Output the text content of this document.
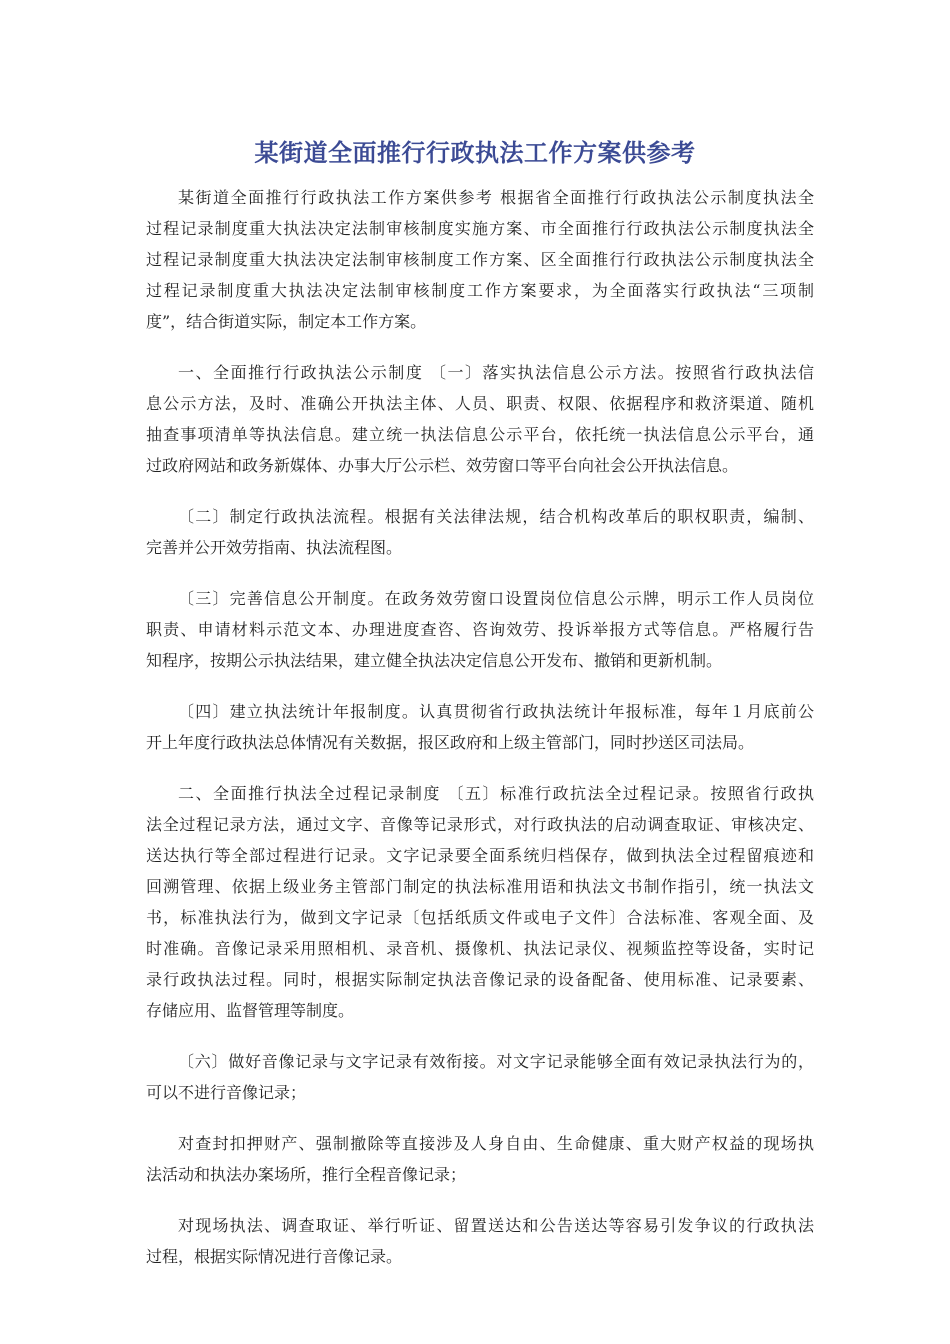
某街道全面推行行政执法工作方案供参考
某街道全面推行行政执法工作方案供参考 根据省全面推行行政执法公示制度执法全
过程记录制度重大执法决定法制审核制度实施方案、市全面推行行政执法公示制度执法全
过程记录制度重大执法决定法制审核制度工作方案、区全面推行行政执法公示制度执法全
过程记录制度重大执法决定法制审核制度工作方案要求，为全面落实行政执法“三项制
度”，结合街道实际，制定本工作方案。
一、全面推行行政执法公示制度 〔一〕落实执法信息公示方法。按照省行政执法信
息公示方法，及时、准确公开执法主体、人员、职责、权限、依据程序和救济渠道、随机
抽查事项清单等执法信息。建立统一执法信息公示平台，依托统一执法信息公示平台，通
过政府网站和政务新媒体、办事大厅公示栏、效劳窗口等平台向社会公开执法信息。
〔二〕制定行政执法流程。根据有关法律法规，结合机构改革后的职权职责，编制、
完善并公开效劳指南、执法流程图。
〔三〕完善信息公开制度。在政务效劳窗口设置岗位信息公示牌，明示工作人员岗位
职责、申请材料示范文本、办理进度查咨、咨询效劳、投诉举报方式等信息。严格履行告
知程序，按期公示执法结果，建立健全执法决定信息公开发布、撤销和更新机制。
〔四〕建立执法统计年报制度。认真贯彻省行政执法统计年报标准，每年１月底前公
开上年度行政执法总体情况有关数据，报区政府和上级主管部门，同时抄送区司法局。
二、全面推行执法全过程记录制度 〔五〕标准行政抗法全过程记录。按照省行政执
法全过程记录方法，通过文字、音像等记录形式，对行政执法的启动调查取证、审核决定、
送达执行等全部过程进行记录。文字记录要全面系统归档保存，做到执法全过程留痕迹和
回溯管理、依据上级业务主管部门制定的执法标准用语和执法文书制作指引，统一执法文
书，标准执法行为，做到文字记录〔包括纸质文件或电子文件〕合法标准、客观全面、及
时准确。音像记录采用照相机、录音机、摄像机、执法记录仪、视频监控等设备，实时记
录行政执法过程。同时，根据实际制定执法音像记录的设备配备、使用标准、记录要素、
存储应用、监督管理等制度。
〔六〕做好音像记录与文字记录有效衔接。对文字记录能够全面有效记录执法行为的，
可以不进行音像记录；
对查封扣押财产、强制撤除等直接涉及人身自由、生命健康、重大财产权益的现场执
法活动和执法办案场所，推行全程音像记录；
对现场执法、调查取证、举行听证、留置送达和公告送达等容易引发争议的行政执法
过程，根据实际情况进行音像记录。
